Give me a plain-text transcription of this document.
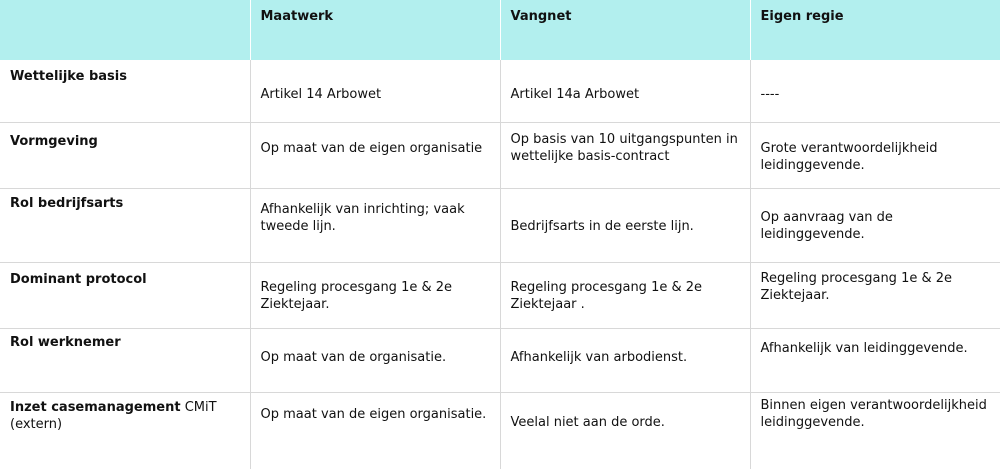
	Maatwerk	Vangnet	Eigen regie
Wettelijke basis	Artikel 14 Arbowet	Artikel 14a Arbowet	----
Vormgeving	Op maat van de eigen organisatie	Op basis van 10 uitgangspunten in wettelijke basis-contract	Grote verantwoordelijkheid leidinggevende.
Rol bedrijfsarts	Afhankelijk van inrichting; vaak tweede lijn.	Bedrijfsarts in de eerste lijn.	Op aanvraag van de leidinggevende.
Dominant protocol	Regeling procesgang 1e & 2e Ziektejaar.	Regeling procesgang 1e & 2e Ziektejaar .	Regeling procesgang 1e & 2e Ziektejaar.
Rol werknemer	Op maat van de organisatie.	Afhankelijk van arbodienst.	Afhankelijk van leidinggevende.
Inzet casemanagement CMiT (extern)	Op maat van de eigen organisatie.	Veelal niet aan de orde.	Binnen eigen verantwoordelijkheid leidinggevende.
